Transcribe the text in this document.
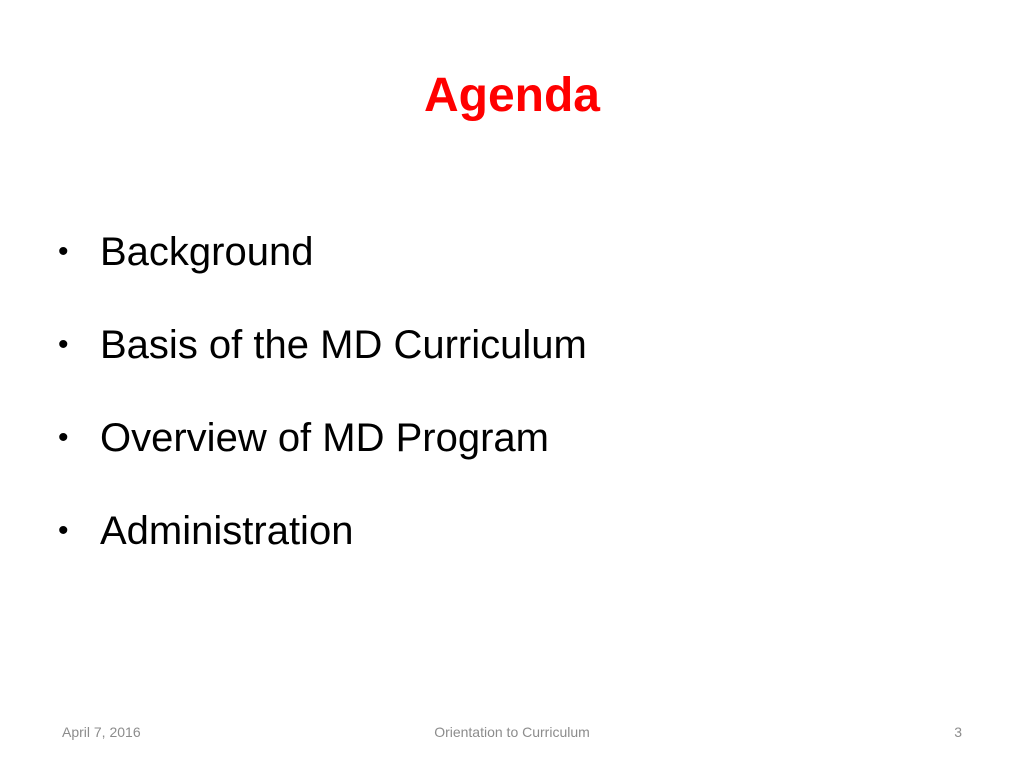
Agenda
• Background
• Basis of the MD Curriculum
• Overview of MD Program
• Administration
April 7, 2016	Orientation to Curriculum	3
